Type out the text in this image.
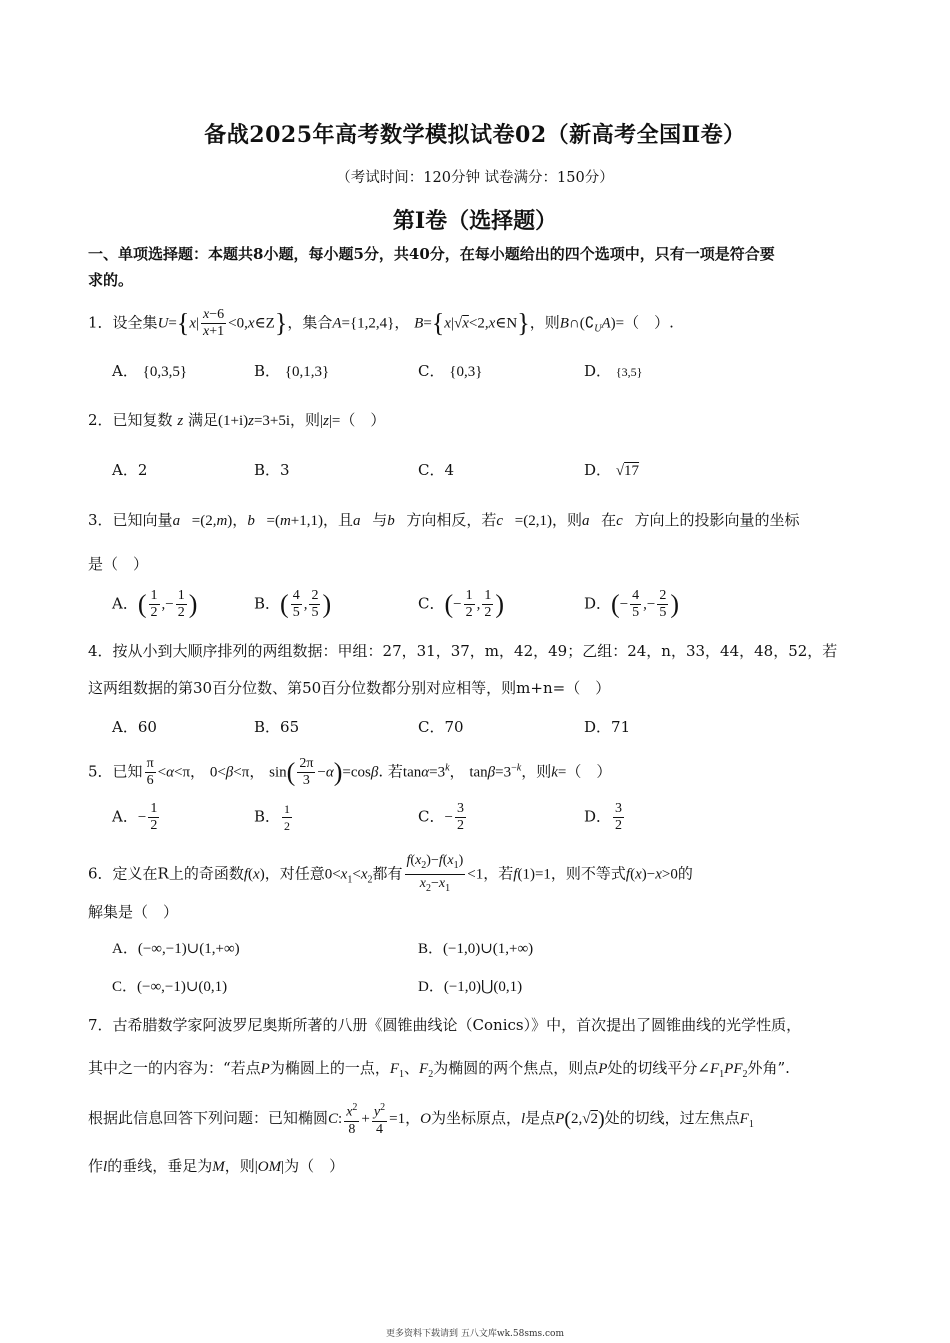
备战2025年高考数学模拟试卷02（新高考全国Ⅱ卷）
（考试时间：120分钟 试卷满分：150分）
第Ⅰ卷（选择题）
一、单项选择题：本题共8小题，每小题5分，共40分，在每小题给出的四个选项中，只有一项是符合要
求的。
1．设全集$U=\{x| \frac{x-6}{x+1}$ <0,x∈Z}，集合A={1,2,4}， B={x|√x<2,x∈N}，则$B\cap(∁_UA)=$（　）.
A． {0,3,5}	B． {0,1,3}	C． {0,3}	D． {3,5}
2．已知复数 z 满足(1+i)z=3+5i，则|z|=（　）
A．2	B．3	C．4	D． √17
3．已知向量a⃗=(2,m)，b⃗=(m+1,1)，且a⃗与b⃗方向相反，若c⃗=(2,1)，则a⃗在c⃗方向上的投影向量的坐标
是（　）
A．( $\frac{1}{2}$ ,− $\frac{1}{2}$ )	B．( $\frac{4}{5}$ , $\frac{2}{5}$ )	C．(− $\frac{1}{2}$ , $\frac{1}{2}$ )	D．(− $\frac{4}{5}$ ,− $\frac{2}{5}$ )
4．按从小到大顺序排列的两组数据：甲组：27，31，37，m，42，49；乙组：24，n，33，44，48，52，若
这两组数据的第30百分位数、第50百分位数都分别对应相等，则m+n=（　）
A．60	B．65	C．70	D．71
5．已知 $\frac{\pi}{6} <\alpha<\pi$， 0<β<π， $\sin( \frac{2\pi}{3} -\alpha)=\cos\beta$. 若$\tan\alpha=3^k$， $\tan\beta=3^{-k}$，则k=（　）
A．− $\frac{1}{2}$	B． $\frac{1}{2}$	C．− $\frac{3}{2}$	D． $\frac{3}{2}$
6．定义在R上的奇函数f(x)，对任意$0<x_1<x_2$都有 $\frac{f(x_2)-f(x_1)}{x_2-x_1} <1$，若f(1)=1，则不等式f(x)−x>0的
解集是（　）
A．(−∞,−1)∪(1,+∞)	B．(−1,0)∪(1,+∞)
C．(−∞,−1)∪(0,1)	D．(−1,0)⋃(0,1)
7．古希腊数学家阿波罗尼奥斯所著的八册《圆锥曲线论（Conics）》中，首次提出了圆锥曲线的光学性质，
其中之一的内容为：“若点P为椭圆上的一点，$F_1$、$F_2$为椭圆的两个焦点，则点P处的切线平分$\angle F_1PF_2$外角”.
根据此信息回答下列问题：已知椭圆C: $\frac{x^2}{8} + \frac{y^2}{4} =1$，O为坐标原点，l是点P(2,√2)处的切线，过左焦点$F_1$
作l的垂线，垂足为M，则|OM|为（　）
更多资料下载请到 五八文库wk.58sms.com
